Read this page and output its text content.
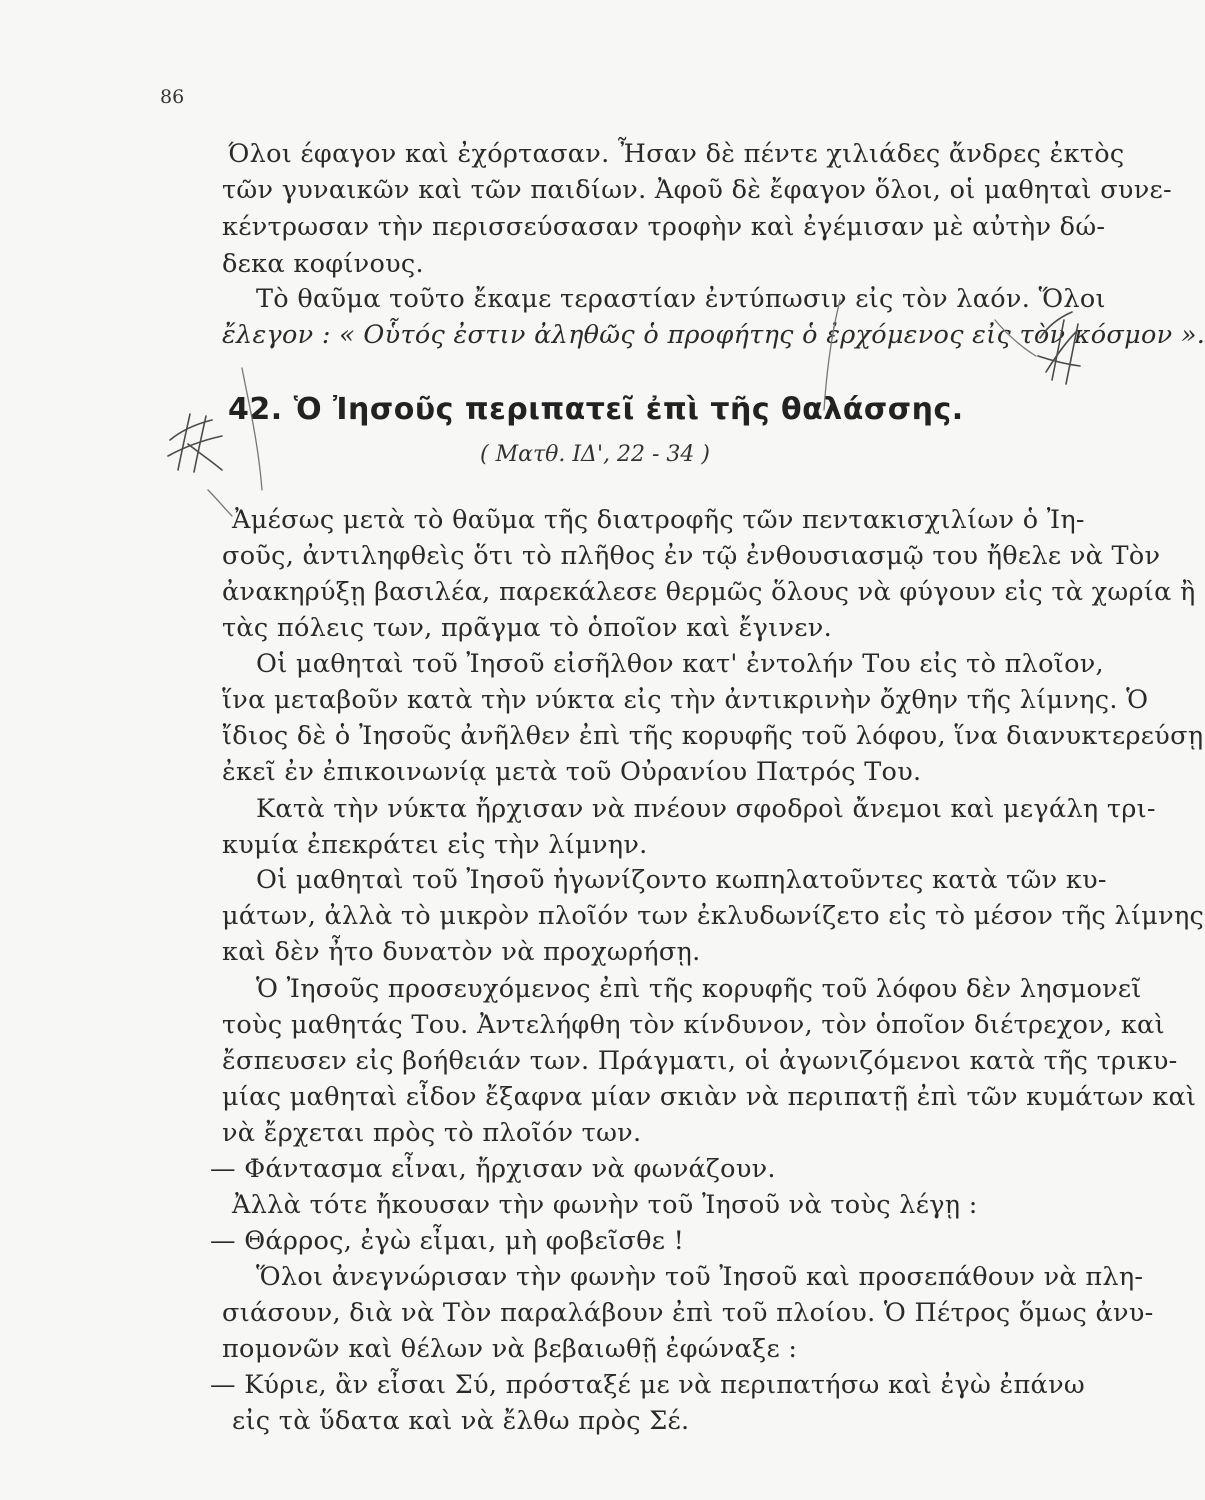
86
Όλοι έφαγον καὶ ἐχόρτασαν. Ἦσαν δὲ πέντε χιλιάδες ἄνδρες ἐκτὸς
τῶν γυναικῶν καὶ τῶν παιδίων. Ἀφοῦ δὲ ἔφαγον ὅλοι, οἱ μαθηταὶ συνε-
κέντρωσαν τὴν περισσεύσασαν τροφὴν καὶ ἐγέμισαν μὲ αὐτὴν δώ-
δεκα κοφίνους.
Τὸ θαῦμα τοῦτο ἔκαμε τεραστίαν ἐντύπωσιν εἰς τὸν λαόν. Ὅλοι
ἔλεγον : « Οὗτός ἐστιν ἀληθῶς ὁ προφήτης ὁ ἐρχόμενος εἰς τὸν κόσμον ».
42. Ὁ Ἰησοῦς περιπατεῖ ἐπὶ τῆς θαλάσσης.
( Ματθ. ΙΔ', 22 - 34 )
Ἀμέσως μετὰ τὸ θαῦμα τῆς διατροφῆς τῶν πεντακισχιλίων ὁ Ἰη-
σοῦς, ἀντιληφθεὶς ὅτι τὸ πλῆθος ἐν τῷ ἐνθουσιασμῷ του ἤθελε νὰ Τὸν
ἀνακηρύξῃ βασιλέα, παρεκάλεσε θερμῶς ὅλους νὰ φύγουν εἰς τὰ χωρία ἢ
τὰς πόλεις των, πρᾶγμα τὸ ὁποῖον καὶ ἔγινεν.
Οἱ μαθηταὶ τοῦ Ἰησοῦ εἰσῆλθον κατ' ἐντολήν Του εἰς τὸ πλοῖον,
ἵνα μεταβοῦν κατὰ τὴν νύκτα εἰς τὴν ἀντικρινὴν ὄχθην τῆς λίμνης. Ὁ
ἴδιος δὲ ὁ Ἰησοῦς ἀνῆλθεν ἐπὶ τῆς κορυφῆς τοῦ λόφου, ἵνα διανυκτερεύσῃ
ἐκεῖ ἐν ἐπικοινωνίᾳ μετὰ τοῦ Οὐρανίου Πατρός Του.
Κατὰ τὴν νύκτα ἤρχισαν νὰ πνέουν σφοδροὶ ἄνεμοι καὶ μεγάλη τρι-
κυμία ἐπεκράτει εἰς τὴν λίμνην.
Οἱ μαθηταὶ τοῦ Ἰησοῦ ἠγωνίζοντο κωπηλατοῦντες κατὰ τῶν κυ-
μάτων, ἀλλὰ τὸ μικρὸν πλοῖόν των ἐκλυδωνίζετο εἰς τὸ μέσον τῆς λίμνης
καὶ δὲν ἦτο δυνατὸν νὰ προχωρήσῃ.
Ὁ Ἰησοῦς προσευχόμενος ἐπὶ τῆς κορυφῆς τοῦ λόφου δὲν λησμονεῖ
τοὺς μαθητάς Του. Ἀντελήφθη τὸν κίνδυνον, τὸν ὁποῖον διέτρεχον, καὶ
ἔσπευσεν εἰς βοήθειάν των. Πράγματι, οἱ ἀγωνιζόμενοι κατὰ τῆς τρικυ-
μίας μαθηταὶ εἶδον ἔξαφνα μίαν σκιὰν νὰ περιπατῇ ἐπὶ τῶν κυμάτων καὶ
νὰ ἔρχεται πρὸς τὸ πλοῖόν των.
— Φάντασμα εἶναι, ἤρχισαν νὰ φωνάζουν.
Ἀλλὰ τότε ἤκουσαν τὴν φωνὴν τοῦ Ἰησοῦ νὰ τοὺς λέγῃ :
— Θάρρος, ἐγὼ εἶμαι, μὴ φοβεῖσθε !
Ὅλοι ἀνεγνώρισαν τὴν φωνὴν τοῦ Ἰησοῦ καὶ προσεπάθουν νὰ πλη-
σιάσουν, διὰ νὰ Τὸν παραλάβουν ἐπὶ τοῦ πλοίου. Ὁ Πέτρος ὅμως ἀνυ-
πομονῶν καὶ θέλων νὰ βεβαιωθῇ ἐφώναξε :
— Κύριε, ἂν εἶσαι Σύ, πρόσταξέ με νὰ περιπατήσω καὶ ἐγὼ ἐπάνω
εἰς τὰ ὕδατα καὶ νὰ ἔλθω πρὸς Σέ.
